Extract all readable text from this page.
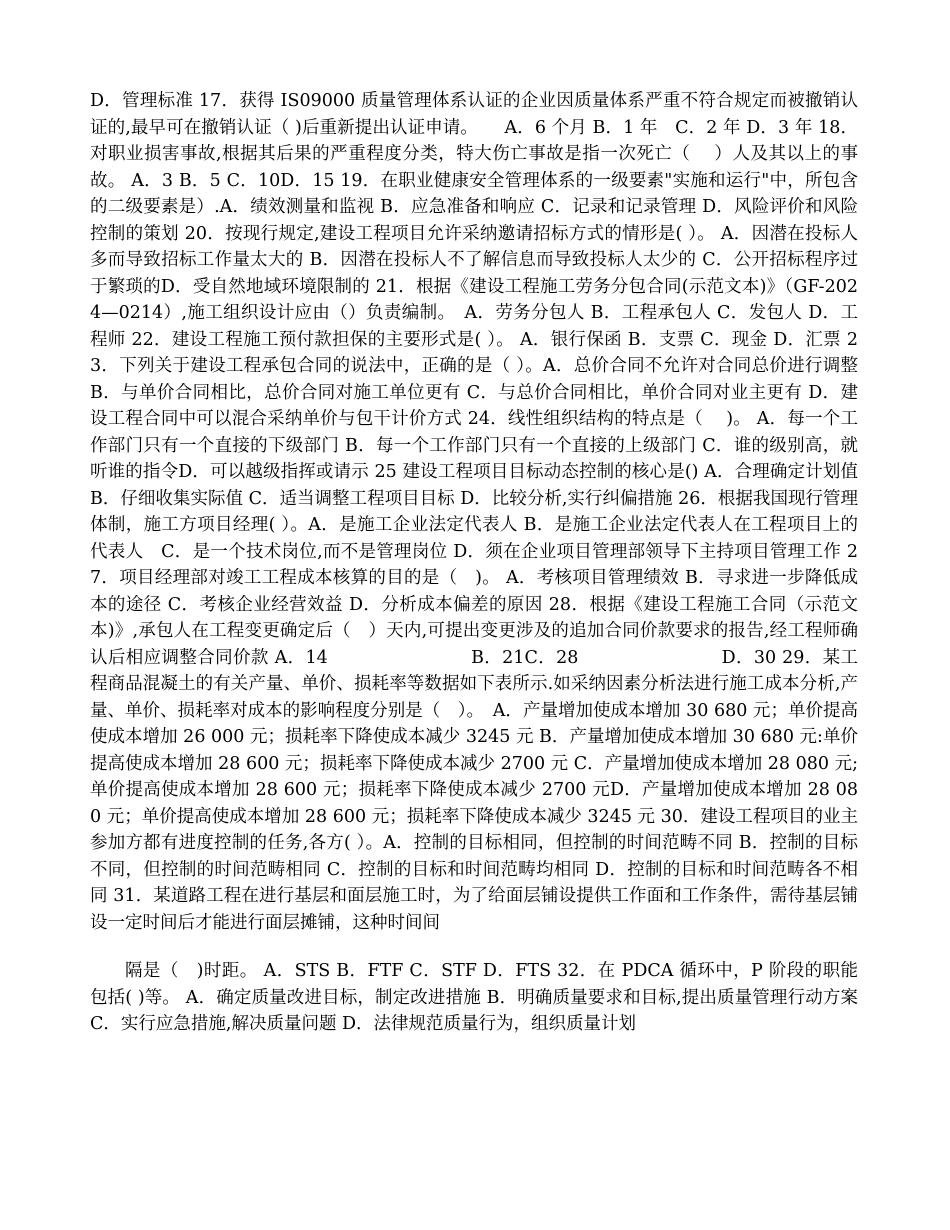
D．管理标准 17．获得 IS09000 质量管理体系认证的企业因质量体系严重不符合规定而被撤销认证的,最早可在撤销认证（ )后重新提出认证申请。　　A．6 个月 B．1 年　C．2 年 D．3 年 18．对职业损害事故,根据其后果的严重程度分类，特大伤亡事故是指一次死亡（　 ）人及其以上的事故。 A．3 B．5 C．10D．15 19．在职业健康安全管理体系的一级要素"实施和运行"中，所包含的二级要素是）.A．绩效测量和监视 B．应急准备和响应 C．记录和记录管理 D．风险评价和风险控制的策划 20．按现行规定,建设工程项目允许采纳邀请招标方式的情形是( ）。 A．因潜在投标人多而导致招标工作量太大的 B．因潜在投标人不了解信息而导致投标人太少的 C．公开招标程序过于繁琐的D．受自然地域环境限制的 21．根据《建设工程施工劳务分包合同(示范文本)》（GF-2024—0214）,施工组织设计应由（）负责编制。　A．劳务分包人 B．工程承包人 C．发包人 D．工程师 22．建设工程施工预付款担保的主要形式是( ）。 A．银行保函 B．支票 C．现金 D．汇票 23．下列关于建设工程承包合同的说法中，正确的是（ ）。A．总价合同不允许对合同总价进行调整 B．与单价合同相比，总价合同对施工单位更有 C．与总价合同相比，单价合同对业主更有 D．建设工程合同中可以混合采纳单价与包干计价方式 24．线性组织结构的特点是（　 )。 A．每一个工作部门只有一个直接的下级部门 B．每一个工作部门只有一个直接的上级部门 C．谁的级别高，就听谁的指令D．可以越级指挥或请示 25 建设工程项目目标动态控制的核心是() A．合理确定计划值B．仔细收集实际值 C．适当调整工程项目目标 D．比较分析,实行纠偏措施 26．根据我国现行管理体制，施工方项目经理( ）。A．是施工企业法定代表人 B．是施工企业法定代表人在工程项目上的代表人　C．是一个技术岗位,而不是管理岗位 D．须在企业项目管理部领导下主持项目管理工作 27．项目经理部对竣工工程成本核算的目的是（　)。 A．考核项目管理绩效 B．寻求进一步降低成本的途径 C．考核企业经营效益 D．分析成本偏差的原因 28．根据《建设工程施工合同（示范文本)》,承包人在工程变更确定后（　）天内,可提出变更涉及的追加合同价款要求的报告,经工程师确认后相应调整合同价款 A．14　　　　　　　　B．21C．28　　　　　　　　D．30 29．某工程商品混凝土的有关产量、单价、损耗率等数据如下表所示.如采纳因素分析法进行施工成本分析,产量、单价、损耗率对成本的影响程度分别是（　）。　A．产量增加使成本增加 30 680 元；单价提高使成本增加 26 000 元；损耗率下降使成本减少 3245 元 B．产量增加使成本增加 30 680 元:单价提高使成本增加 28 600 元；损耗率下降使成本减少 2700 元 C．产量增加使成本增加 28 080 元;单价提高使成本增加 28 600 元；损耗率下降使成本减少 2700 元D．产量增加使成本增加 28 080 元；单价提高使成本增加 28 600 元；损耗率下降使成本减少 3245 元 30．建设工程项目的业主参加方都有进度控制的任务,各方( ）。A．控制的目标相同，但控制的时间范畴不同 B．控制的目标不同，但控制的时间范畴相同 C．控制的目标和时间范畴均相同 D．控制的目标和时间范畴各不相同 31．某道路工程在进行基层和面层施工时，为了给面层铺设提供工作面和工作条件，需待基层铺设一定时间后才能进行面层摊铺，这种时间间

隔是（　)时距。 A．STS B．FTF C．STF D．FTS 32．在 PDCA 循环中，P 阶段的职能包括( )等。 A．确定质量改进目标，制定改进措施 B．明确质量要求和目标,提出质量管理行动方案 C．实行应急措施,解决质量问题 D．法律规范质量行为，组织质量计划
